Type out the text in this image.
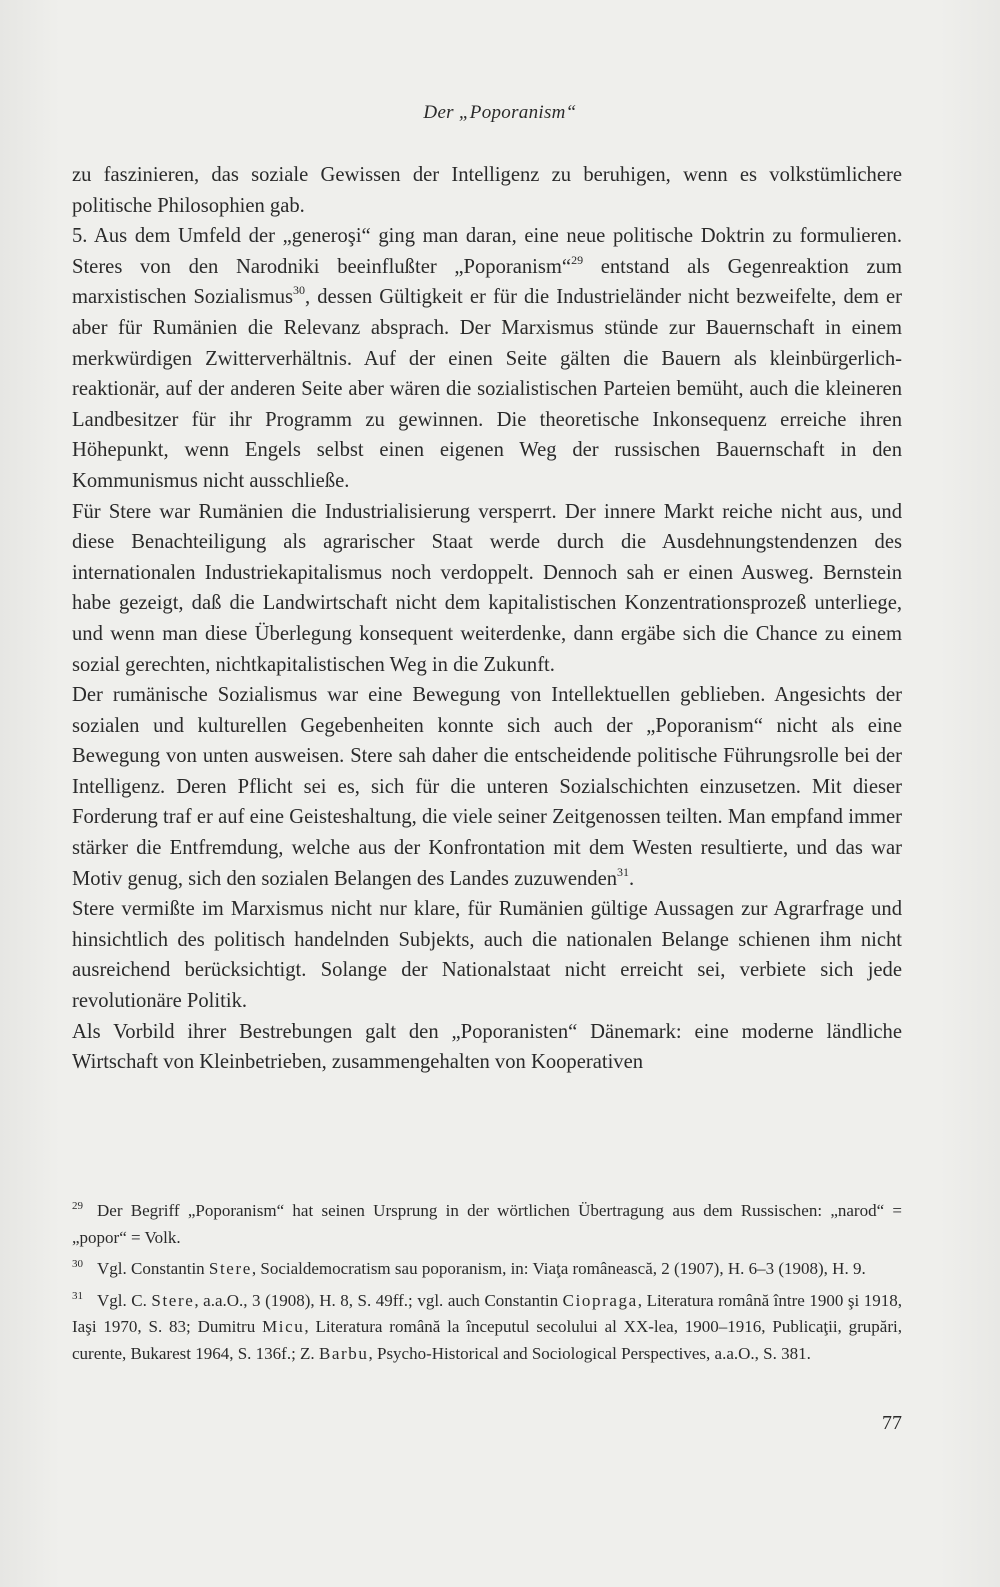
Der „Poporanism“

zu faszinieren, das soziale Gewissen der Intelligenz zu beruhigen, wenn es volkstümlichere politische Philosophien gab.

5. Aus dem Umfeld der „generoşi“ ging man daran, eine neue politische Doktrin zu formulieren. Steres von den Narodniki beeinflußter „Poporanism“$^{29}$ entstand als Gegenreaktion zum marxistischen Sozialismus$^{30}$, dessen Gültigkeit er für die Industrieländer nicht bezweifelte, dem er aber für Rumänien die Relevanz absprach. Der Marxismus stünde zur Bauernschaft in einem merkwürdigen Zwitterverhältnis. Auf der einen Seite gälten die Bauern als kleinbürgerlich-reaktionär, auf der anderen Seite aber wären die sozialistischen Parteien bemüht, auch die kleineren Landbesitzer für ihr Programm zu gewinnen. Die theoretische Inkonsequenz erreiche ihren Höhepunkt, wenn Engels selbst einen eigenen Weg der russischen Bauernschaft in den Kommunismus nicht ausschließe.

Für Stere war Rumänien die Industrialisierung versperrt. Der innere Markt reiche nicht aus, und diese Benachteiligung als agrarischer Staat werde durch die Ausdehnungstendenzen des internationalen Industriekapitalismus noch verdoppelt. Dennoch sah er einen Ausweg. Bernstein habe gezeigt, daß die Landwirtschaft nicht dem kapitalistischen Konzentrationsprozeß unterliege, und wenn man diese Überlegung konsequent weiterdenke, dann ergäbe sich die Chance zu einem sozial gerechten, nichtkapitalistischen Weg in die Zukunft.

Der rumänische Sozialismus war eine Bewegung von Intellektuellen geblieben. Angesichts der sozialen und kulturellen Gegebenheiten konnte sich auch der „Poporanism“ nicht als eine Bewegung von unten ausweisen. Stere sah daher die entscheidende politische Führungsrolle bei der Intelligenz. Deren Pflicht sei es, sich für die unteren Sozialschichten einzusetzen. Mit dieser Forderung traf er auf eine Geisteshaltung, die viele seiner Zeitgenossen teilten. Man empfand immer stärker die Entfremdung, welche aus der Konfrontation mit dem Westen resultierte, und das war Motiv genug, sich den sozialen Belangen des Landes zuzuwenden$^{31}$.

Stere vermißte im Marxismus nicht nur klare, für Rumänien gültige Aussagen zur Agrarfrage und hinsichtlich des politisch handelnden Subjekts, auch die nationalen Belange schienen ihm nicht ausreichend berücksichtigt. Solange der Nationalstaat nicht erreicht sei, verbiete sich jede revolutionäre Politik.

Als Vorbild ihrer Bestrebungen galt den „Poporanisten“ Dänemark: eine moderne ländliche Wirtschaft von Kleinbetrieben, zusammengehalten von Kooperativen

$^{29}$ Der Begriff „Poporanism“ hat seinen Ursprung in der wörtlichen Übertragung aus dem Russischen: „narod“ = „popor“ = Volk.

$^{30}$ Vgl. Constantin Stere, Socialdemocratism sau poporanism, in: Viaţa românească, 2 (1907), H. 6–3 (1908), H. 9.

$^{31}$ Vgl. C. Stere, a.a.O., 3 (1908), H. 8, S. 49ff.; vgl. auch Constantin Ciopraga, Literatura română între 1900 şi 1918, Iaşi 1970, S. 83; Dumitru Micu, Literatura română la începutul secolului al XX-lea, 1900–1916, Publicaţii, grupări, curente, Bukarest 1964, S. 136f.; Z. Barbu, Psycho-Historical and Sociological Perspectives, a.a.O., S. 381.

77
